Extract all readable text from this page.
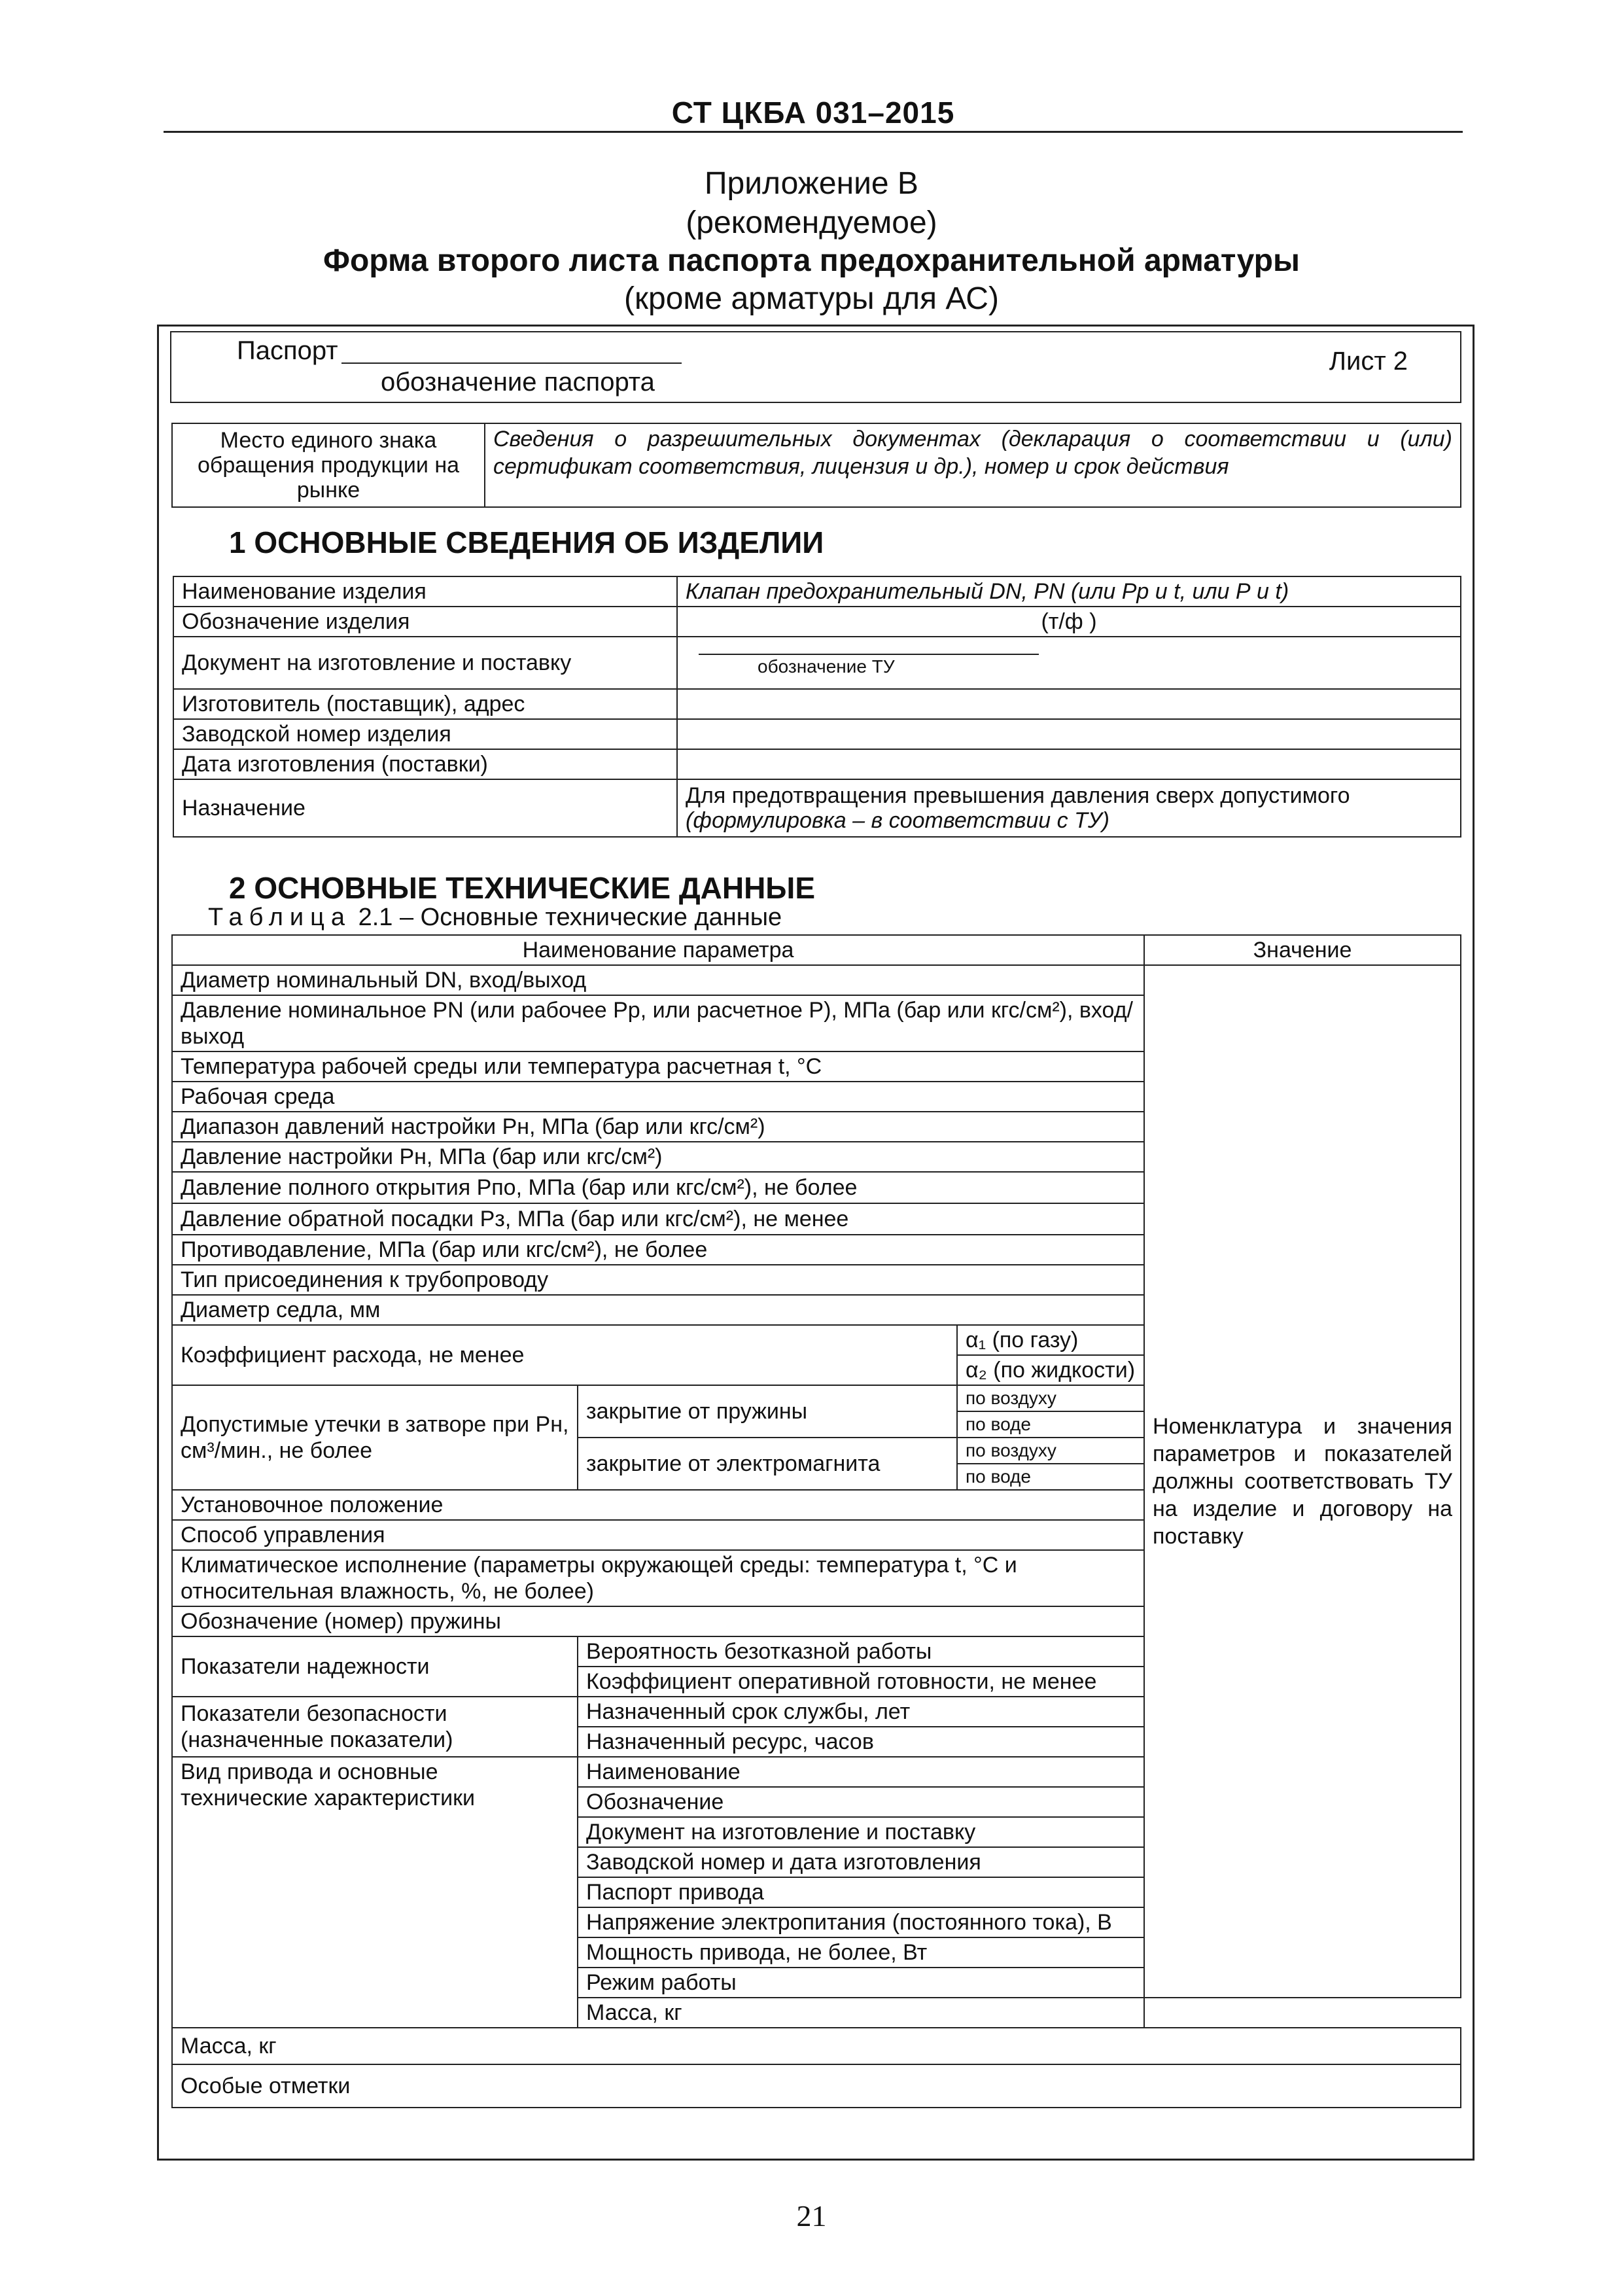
СТ ЦКБА 031–2015
Приложение В
(рекомендуемое)
Форма второго листа паспорта предохранительной арматуры
(кроме арматуры для АС)
Паспорт
обозначение паспорта
Лист 2
Место единого знака обращения продукции на рынке	Сведения о разрешительных документах (декларация о соответствии и (или) сертификат соответствия, лицензия и др.), номер и срок действия
1 ОСНОВНЫЕ СВЕДЕНИЯ ОБ ИЗДЕЛИИ
Наименование изделия	Клапан предохранительный DN, PN (или Рр и t, или Р и t)
Обозначение изделия	(т/ф )
Документ на изготовление и поставку	обозначение ТУ

Изготовитель (поставщик), адрес	
Заводской номер изделия	
Дата изготовления (поставки)	
Назначение	Для предотвращения превышения давления сверх допустимого
(формулировка – в соответствии с ТУ)
2 ОСНОВНЫЕ ТЕХНИЧЕСКИЕ ДАННЫЕ
Таблица 2.1 – Основные технические данные
Наименование параметра			Значение
Диаметр номинальный DN, вход/выход			Номенклатура и значения параметров и показателей должны соответствовать ТУ на изделие и договору на поставку
Давление номинальное PN (или рабочее Рр, или расчетное Р), МПа (бар или кгс/см²), вход/выход			
Температура рабочей среды или температура расчетная t, °С			
Рабочая среда			
Диапазон давлений настройки Рн, МПа (бар или кгс/см²)			
Давление настройки Рн, МПа (бар или кгс/см²)			
Давление полного открытия Рпо, МПа (бар или кгс/см²), не более			
Давление обратной посадки Рз, МПа (бар или кгс/см²), не менее			
Противодавление, МПа (бар или кгс/см²), не более			
Тип присоединения к трубопроводу			
Диаметр седла, мм			
Коэффициент расхода, не менее		α₁ (по газу)	
		α₂ (по жидкости)	
Допустимые утечки в затворе при Рн, см³/мин., не более	закрытие от пружины	по воздуху	
		по воде	
	закрытие от электромагнита	по воздуху	
		по воде	
Установочное положение			
Способ управления			
Климатическое исполнение (параметры окружающей среды: температура t, °С и относительная влажность, %, не более)			
Обозначение (номер) пружины			
Показатели надежности	Вероятность безотказной работы		
	Коэффициент оперативной готовности, не менее		
Показатели безопасности (назначенные показатели)	Назначенный срок службы, лет		
	Назначенный ресурс, часов		
Вид привода и основные технические характеристики	Наименование		
	Обозначение		
	Документ на изготовление и поставку		
	Заводской номер и дата изготовления		
	Паспорт привода		
	Напряжение электропитания (постоянного тока), В		
	Мощность привода, не более, Вт		
	Режим работы		
	Масса, кг		
Масса, кг			
Особые отметки			
21
